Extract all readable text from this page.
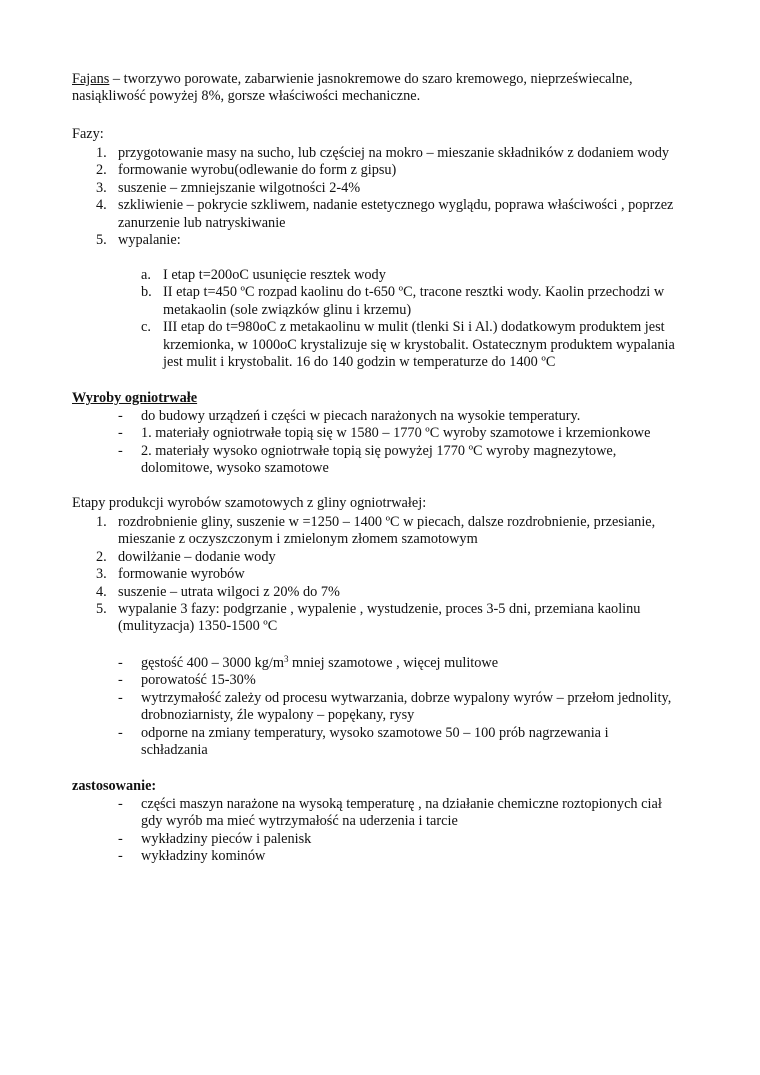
Fajans – tworzywo porowate, zabarwienie jasnokremowe do szaro kremowego, nieprzeświecalne, nasiąkliwość powyżej 8%, gorsze właściwości mechaniczne.

Fazy:

1. przygotowanie masy na sucho, lub częściej na mokro – mieszanie składników z dodaniem wody
2. formowanie wyrobu(odlewanie do form z gipsu)
3. suszenie – zmniejszanie wilgotności 2-4%
4. szkliwienie – pokrycie szkliwem, nadanie estetycznego wyglądu, poprawa właściwości , poprzez zanurzenie lub natryskiwanie
5. wypalanie:
a. I etap t=200oC usunięcie resztek wody
b. II etap t=450 ºC rozpad kaolinu do t-650 ºC, tracone resztki wody. Kaolin przechodzi w metakaolin (sole związków glinu i krzemu)
c. III etap do t=980oC z metakaolinu w mulit (tlenki Si i Al.) dodatkowym produktem jest krzemionka, w 1000oC krystalizuje się w krystobalit. Ostatecznym produktem wypalania jest mulit i krystobalit. 16 do 140 godzin w temperaturze do 1400 ºC

Wyroby ogniotrwałe

- do budowy urządzeń i części w piecach narażonych na wysokie temperatury.
- 1. materiały ogniotrwałe topią się w 1580 – 1770 ºC wyroby szamotowe i krzemionkowe
- 2. materiały wysoko ogniotrwałe topią się powyżej 1770 ºC wyroby magnezytowe, dolomitowe, wysoko szamotowe

Etapy produkcji wyrobów szamotowych z gliny ogniotrwałej:

1. rozdrobnienie gliny, suszenie w =1250 – 1400 ºC w piecach, dalsze rozdrobnienie, przesianie, mieszanie z oczyszczonym i zmielonym złomem szamotowym
2. dowilżanie – dodanie wody
3. formowanie wyrobów
4. suszenie – utrata wilgoci z 20% do 7%
5. wypalanie 3 fazy: podgrzanie , wypalenie , wystudzenie, proces 3-5 dni, przemiana kaolinu (mulityzacja) 1350-1500 ºC
- gęstość 400 – 3000 $kg/m^3$ mniej szamotowe , więcej mulitowe
- porowatość 15-30%
- wytrzymałość zależy od procesu wytwarzania, dobrze wypalony wyrów – przełom jednolity, drobnoziarnisty, źle wypalony – popękany, rysy
- odporne na zmiany temperatury, wysoko szamotowe 50 – 100 prób nagrzewania i schładzania

zastosowanie:

- części maszyn narażone na wysoką temperaturę , na działanie chemiczne roztopionych ciał gdy wyrób ma mieć wytrzymałość na uderzenia i tarcie
- wykładziny pieców i palenisk
- wykładziny kominów
